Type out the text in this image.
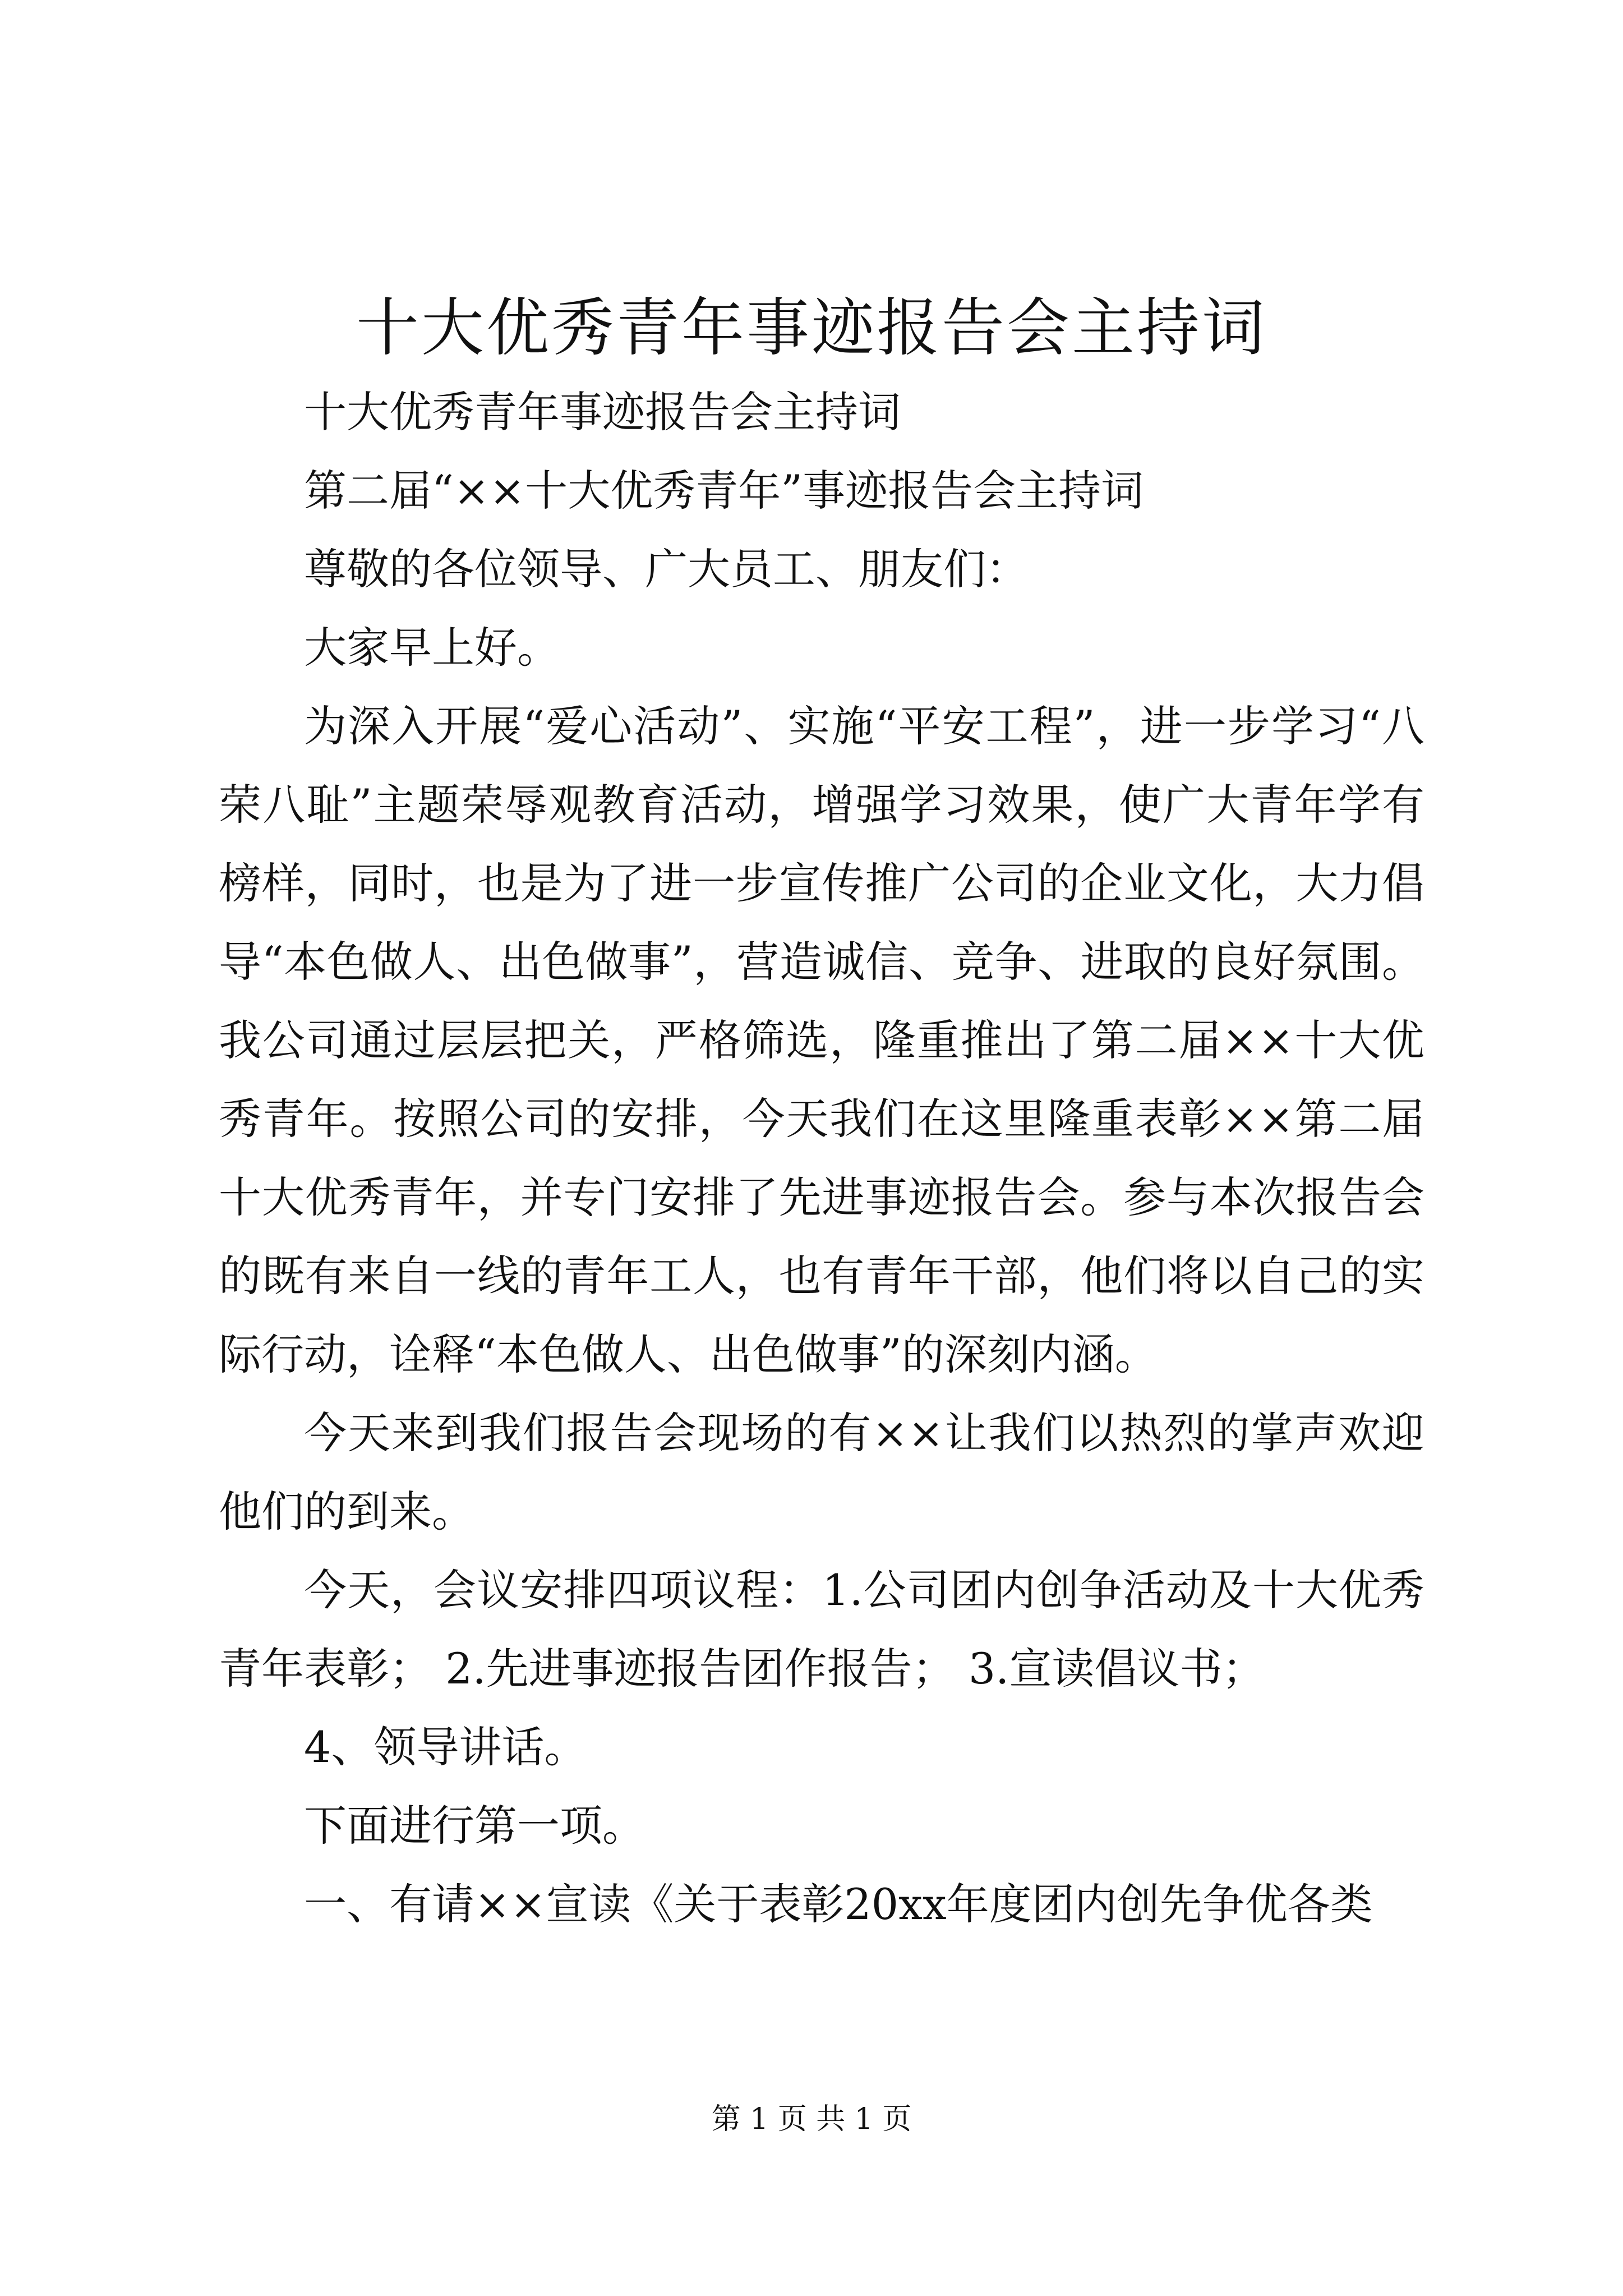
十大优秀青年事迹报告会主持词

十大优秀青年事迹报告会主持词

第二届“××十大优秀青年”事迹报告会主持词

尊敬的各位领导、广大员工、朋友们：

大家早上好。

为深入开展“爱心活动”、实施“平安工程”，进一步学习“八荣八耻”主题荣辱观教育活动，增强学习效果，使广大青年学有榜样，同时，也是为了进一步宣传推广公司的企业文化，大力倡导“本色做人、出色做事”，营造诚信、竞争、进取的良好氛围。我公司通过层层把关，严格筛选，隆重推出了第二届××十大优秀青年。按照公司的安排，今天我们在这里隆重表彰××第二届十大优秀青年，并专门安排了先进事迹报告会。参与本次报告会的既有来自一线的青年工人，也有青年干部，他们将以自己的实际行动，诠释“本色做人、出色做事”的深刻内涵。

今天来到我们报告会现场的有××让我们以热烈的掌声欢迎他们的到来。

今天，会议安排四项议程：1.公司团内创争活动及十大优秀青年表彰； 2.先进事迹报告团作报告； 3.宣读倡议书；

4、领导讲话。

下面进行第一项。

一、有请××宣读《关于表彰20xx年度团内创先争优各类

第 1 页 共 1 页
